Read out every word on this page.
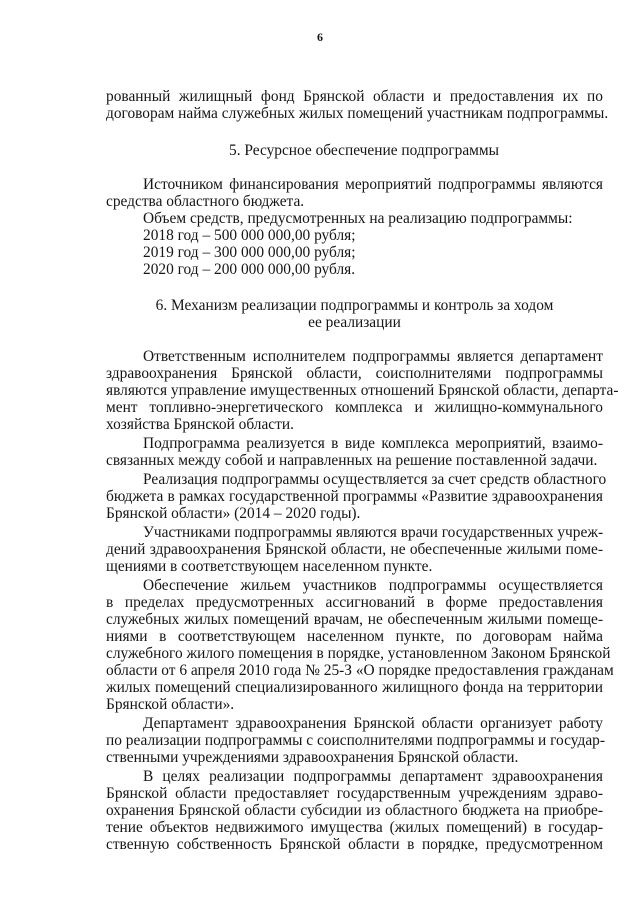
6
рованный жилищный фонд Брянской области и предоставления их по
договорам найма служебных жилых помещений участникам подпрограммы.
5. Ресурсное обеспечение подпрограммы
Источником финансирования мероприятий подпрограммы являются
средства областного бюджета.
Объем средств, предусмотренных на реализацию подпрограммы:
2018 год – 500 000 000,00 рубля;
2019 год – 300 000 000,00 рубля;
2020 год – 200 000 000,00 рубля.
6. Механизм реализации подпрограммы и контроль за ходом
ее реализации
Ответственным исполнителем подпрограммы является департамент
здравоохранения Брянской области, соисполнителями подпрограммы
являются управление имущественных отношений Брянской области, департа-
мент топливно-энергетического комплекса и жилищно-коммунального
хозяйства Брянской области.
Подпрограмма реализуется в виде комплекса мероприятий, взаимо-
связанных между собой и направленных на решение поставленной задачи.
Реализация подпрограммы осуществляется за счет средств областного
бюджета в рамках государственной программы «Развитие здравоохранения
Брянской области» (2014 – 2020 годы).
Участниками подпрограммы являются врачи государственных учреж-
дений здравоохранения Брянской области, не обеспеченные жилыми поме-
щениями в соответствующем населенном пункте.
Обеспечение жильем участников подпрограммы осуществляется
в пределах предусмотренных ассигнований в форме предоставления
служебных жилых помещений врачам, не обеспеченным жилыми помеще-
ниями в соответствующем населенном пункте, по договорам найма
служебного жилого помещения в порядке, установленном Законом Брянской
области от 6 апреля 2010 года № 25-З «О порядке предоставления гражданам
жилых помещений специализированного жилищного фонда на территории
Брянской области».
Департамент здравоохранения Брянской области организует работу
по реализации подпрограммы с соисполнителями подпрограммы и государ-
ственными учреждениями здравоохранения Брянской области.
В целях реализации подпрограммы департамент здравоохранения
Брянской области предоставляет государственным учреждениям здраво-
охранения Брянской области субсидии из областного бюджета на приобре-
тение объектов недвижимого имущества (жилых помещений) в государ-
ственную собственность Брянской области в порядке, предусмотренном
